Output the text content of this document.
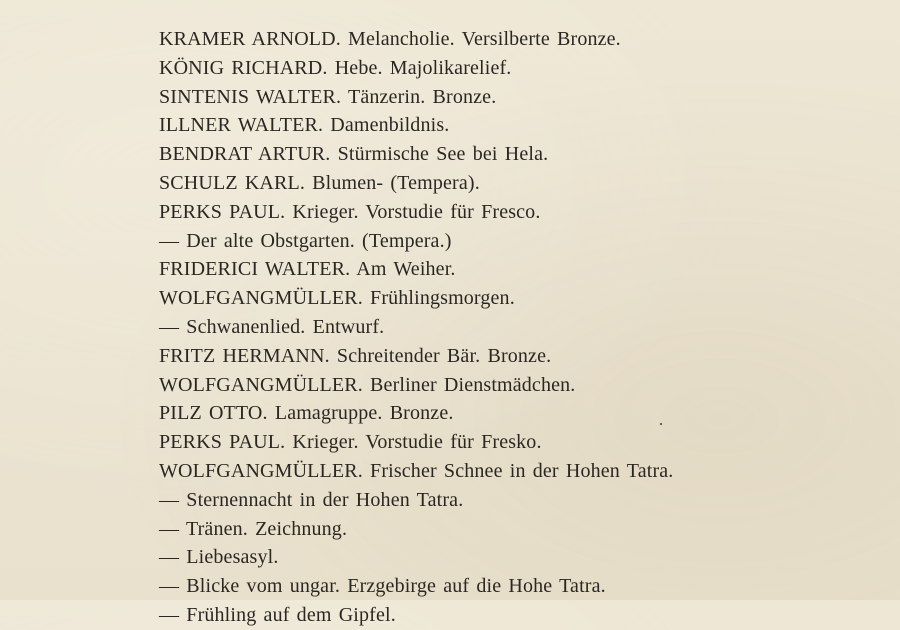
KRAMER ARNOLD. Melancholie. Versilberte Bronze.
KÖNIG RICHARD. Hebe. Majolikarelief.
SINTENIS WALTER. Tänzerin. Bronze.
ILLNER WALTER. Damenbildnis.
BENDRAT ARTUR. Stürmische See bei Hela.
SCHULZ KARL. Blumen- (Tempera).
PERKS PAUL. Krieger. Vorstudie für Fresco.
— Der alte Obstgarten. (Tempera.)
FRIDERICI WALTER. Am Weiher.
WOLFGANGMÜLLER. Frühlingsmorgen.
— Schwanenlied. Entwurf.
FRITZ HERMANN. Schreitender Bär. Bronze.
WOLFGANGMÜLLER. Berliner Dienstmädchen.
PILZ OTTO. Lamagruppe. Bronze.
PERKS PAUL. Krieger. Vorstudie für Fresko.
WOLFGANGMÜLLER. Frischer Schnee in der Hohen Tatra.
— Sternennacht in der Hohen Tatra.
— Tränen. Zeichnung.
— Liebesasyl.
— Blicke vom ungar. Erzgebirge auf die Hohe Tatra.
— Frühling auf dem Gipfel.
